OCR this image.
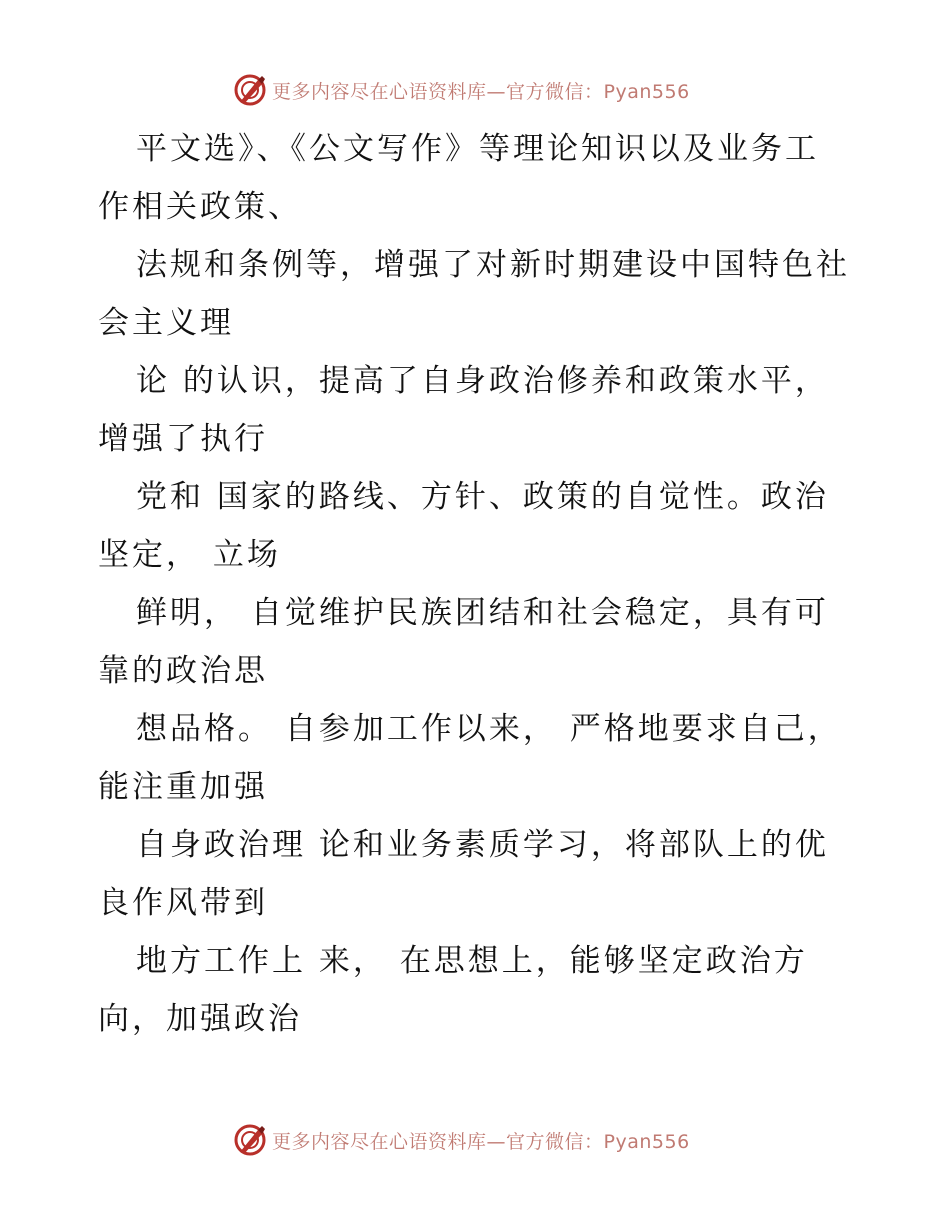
更多内容尽在心语资料库—官方微信：Pyan556
平文选》、《公文写作》等理论知识以及业务工
作相关政策、
法规和条例等，增强了对新时期建设中国特色社
会主义理
论 的认识，提高了自身政治修养和政策水平，
增强了执行
党和 国家的路线、方针、政策的自觉性。政治
坚定， 立场
鲜明， 自觉维护民族团结和社会稳定，具有可
靠的政治思
想品格。 自参加工作以来， 严格地要求自己，
能注重加强
自身政治理 论和业务素质学习，将部队上的优
良作风带到
地方工作上 来， 在思想上，能够坚定政治方
向，加强政治
更多内容尽在心语资料库—官方微信：Pyan556
